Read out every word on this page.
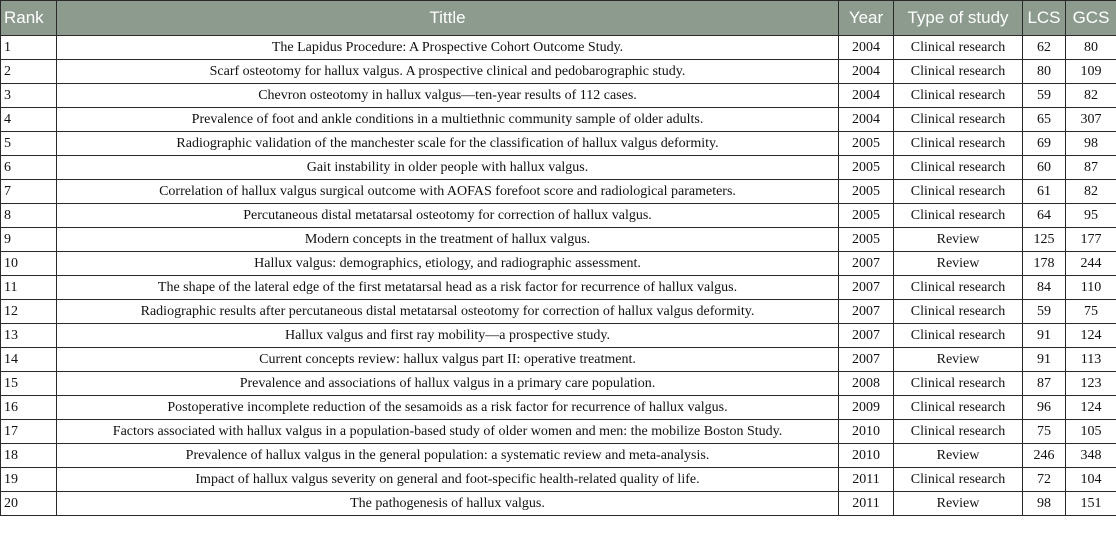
Rank	Tittle	Year	Type of study	LCS	GCS
1	The Lapidus Procedure: A Prospective Cohort Outcome Study.	2004	Clinical research	62	80
2	Scarf osteotomy for hallux valgus. A prospective clinical and pedobarographic study.	2004	Clinical research	80	109
3	Chevron osteotomy in hallux valgus—ten-year results of 112 cases.	2004	Clinical research	59	82
4	Prevalence of foot and ankle conditions in a multiethnic community sample of older adults.	2004	Clinical research	65	307
5	Radiographic validation of the manchester scale for the classification of hallux valgus deformity.	2005	Clinical research	69	98
6	Gait instability in older people with hallux valgus.	2005	Clinical research	60	87
7	Correlation of hallux valgus surgical outcome with AOFAS forefoot score and radiological parameters.	2005	Clinical research	61	82
8	Percutaneous distal metatarsal osteotomy for correction of hallux valgus.	2005	Clinical research	64	95
9	Modern concepts in the treatment of hallux valgus.	2005	Review	125	177
10	Hallux valgus: demographics, etiology, and radiographic assessment.	2007	Review	178	244
11	The shape of the lateral edge of the first metatarsal head as a risk factor for recurrence of hallux valgus.	2007	Clinical research	84	110
12	Radiographic results after percutaneous distal metatarsal osteotomy for correction of hallux valgus deformity.	2007	Clinical research	59	75
13	Hallux valgus and first ray mobility—a prospective study.	2007	Clinical research	91	124
14	Current concepts review: hallux valgus part II: operative treatment.	2007	Review	91	113
15	Prevalence and associations of hallux valgus in a primary care population.	2008	Clinical research	87	123
16	Postoperative incomplete reduction of the sesamoids as a risk factor for recurrence of hallux valgus.	2009	Clinical research	96	124
17	Factors associated with hallux valgus in a population-based study of older women and men: the mobilize Boston Study.	2010	Clinical research	75	105
18	Prevalence of hallux valgus in the general population: a systematic review and meta-analysis.	2010	Review	246	348
19	Impact of hallux valgus severity on general and foot-specific health-related quality of life.	2011	Clinical research	72	104
20	The pathogenesis of hallux valgus.	2011	Review	98	151
